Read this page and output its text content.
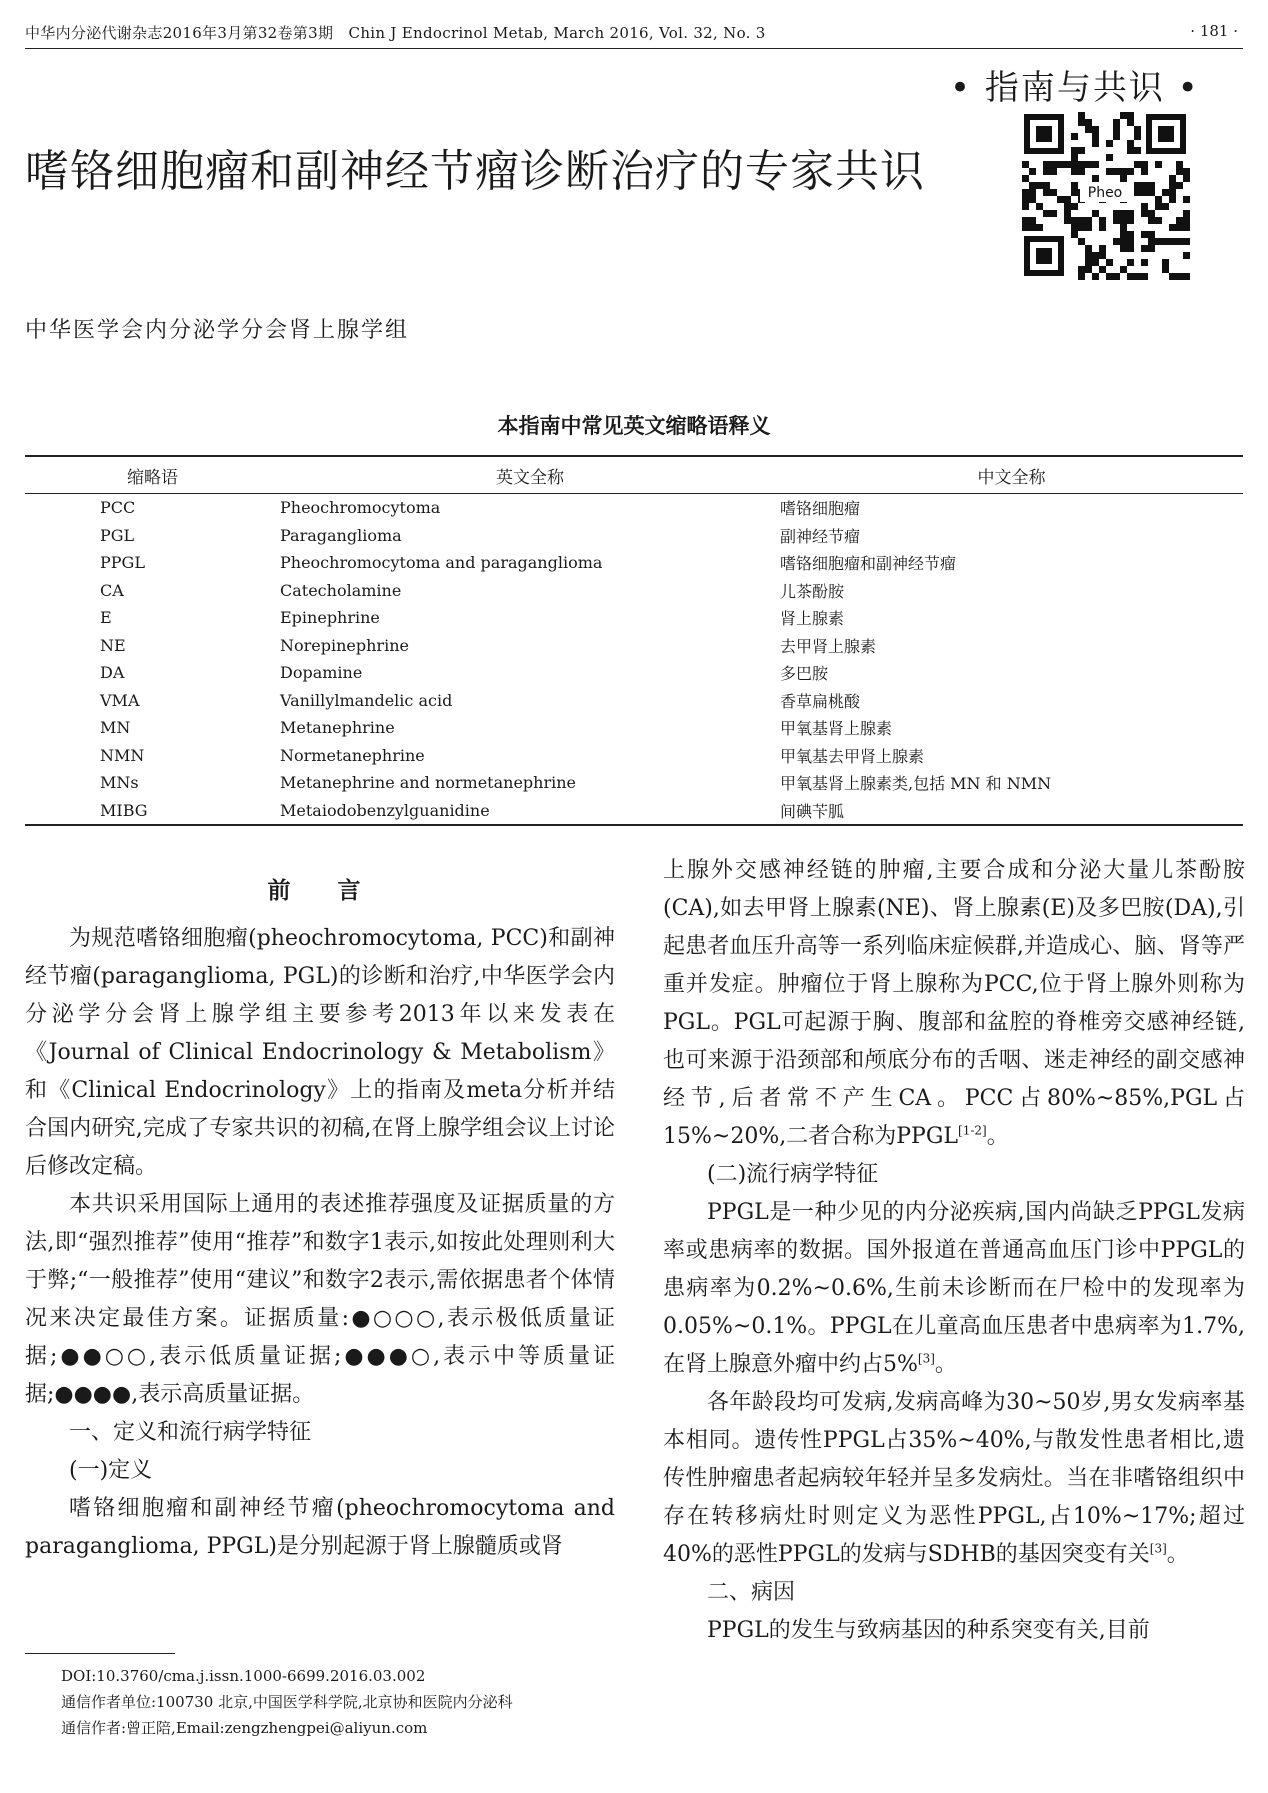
中华内分泌代谢杂志2016年3月第32卷第3期　Chin J Endocrinol Metab, March 2016, Vol. 32, No. 3	· 181 ·
• 指南与共识 •
Pheo
嗜铬细胞瘤和副神经节瘤诊断治疗的专家共识
中华医学会内分泌学分会肾上腺学组
本指南中常见英文缩略语释义
缩略语	英文全称	中文全称
PCC	Pheochromocytoma	嗜铬细胞瘤
PGL	Paraganglioma	副神经节瘤
PPGL	Pheochromocytoma and paraganglioma	嗜铬细胞瘤和副神经节瘤
CA	Catecholamine	儿茶酚胺
E	Epinephrine	肾上腺素
NE	Norepinephrine	去甲肾上腺素
DA	Dopamine	多巴胺
VMA	Vanillylmandelic acid	香草扁桃酸
MN	Metanephrine	甲氧基肾上腺素
NMN	Normetanephrine	甲氧基去甲肾上腺素
MNs	Metanephrine and normetanephrine	甲氧基肾上腺素类,包括 MN 和 NMN
MIBG	Metaiodobenzylguanidine	间碘苄胍

前　言

为规范嗜铬细胞瘤(pheochromocytoma, PCC)和副神经节瘤(paraganglioma, PGL)的诊断和治疗,中华医学会内分泌学分会肾上腺学组主要参考2013年以来发表在《Journal of Clinical Endocrinology & Metabolism》和《Clinical Endocrinology》上的指南及meta分析并结合国内研究,完成了专家共识的初稿,在肾上腺学组会议上讨论后修改定稿。

本共识采用国际上通用的表述推荐强度及证据质量的方法,即“强烈推荐”使用“推荐”和数字1表示,如按此处理则利大于弊;“一般推荐”使用“建议”和数字2表示,需依据患者个体情况来决定最佳方案。证据质量:●○○○,表示极低质量证据;●●○○,表示低质量证据;●●●○,表示中等质量证据;●●●●,表示高质量证据。

一、定义和流行病学特征

(一)定义

嗜铬细胞瘤和副神经节瘤(pheochromocytoma and paraganglioma, PPGL)是分别起源于肾上腺髓质或肾

上腺外交感神经链的肿瘤,主要合成和分泌大量儿茶酚胺(CA),如去甲肾上腺素(NE)、肾上腺素(E)及多巴胺(DA),引起患者血压升高等一系列临床症候群,并造成心、脑、肾等严重并发症。肿瘤位于肾上腺称为PCC,位于肾上腺外则称为PGL。PGL可起源于胸、腹部和盆腔的脊椎旁交感神经链,也可来源于沿颈部和颅底分布的舌咽、迷走神经的副交感神经节,后者常不产生CA。PCC占80%~85%,PGL占15%~20%,二者合称为PPGL[1-2]。

(二)流行病学特征

PPGL是一种少见的内分泌疾病,国内尚缺乏PPGL发病率或患病率的数据。国外报道在普通高血压门诊中PPGL的患病率为0.2%~0.6%,生前未诊断而在尸检中的发现率为0.05%~0.1%。PPGL在儿童高血压患者中患病率为1.7%,在肾上腺意外瘤中约占5%[3]。

各年龄段均可发病,发病高峰为30~50岁,男女发病率基本相同。遗传性PPGL占35%~40%,与散发性患者相比,遗传性肿瘤患者起病较年轻并呈多发病灶。当在非嗜铬组织中存在转移病灶时则定义为恶性PPGL,占10%~17%;超过40%的恶性PPGL的发病与SDHB的基因突变有关[3]。

二、病因

PPGL的发生与致病基因的种系突变有关,目前

DOI:10.3760/cma.j.issn.1000-6699.2016.03.002
通信作者单位:100730 北京,中国医学科学院,北京协和医院内分泌科
通信作者:曾正陪,Email:zengzhengpei@aliyun.com
